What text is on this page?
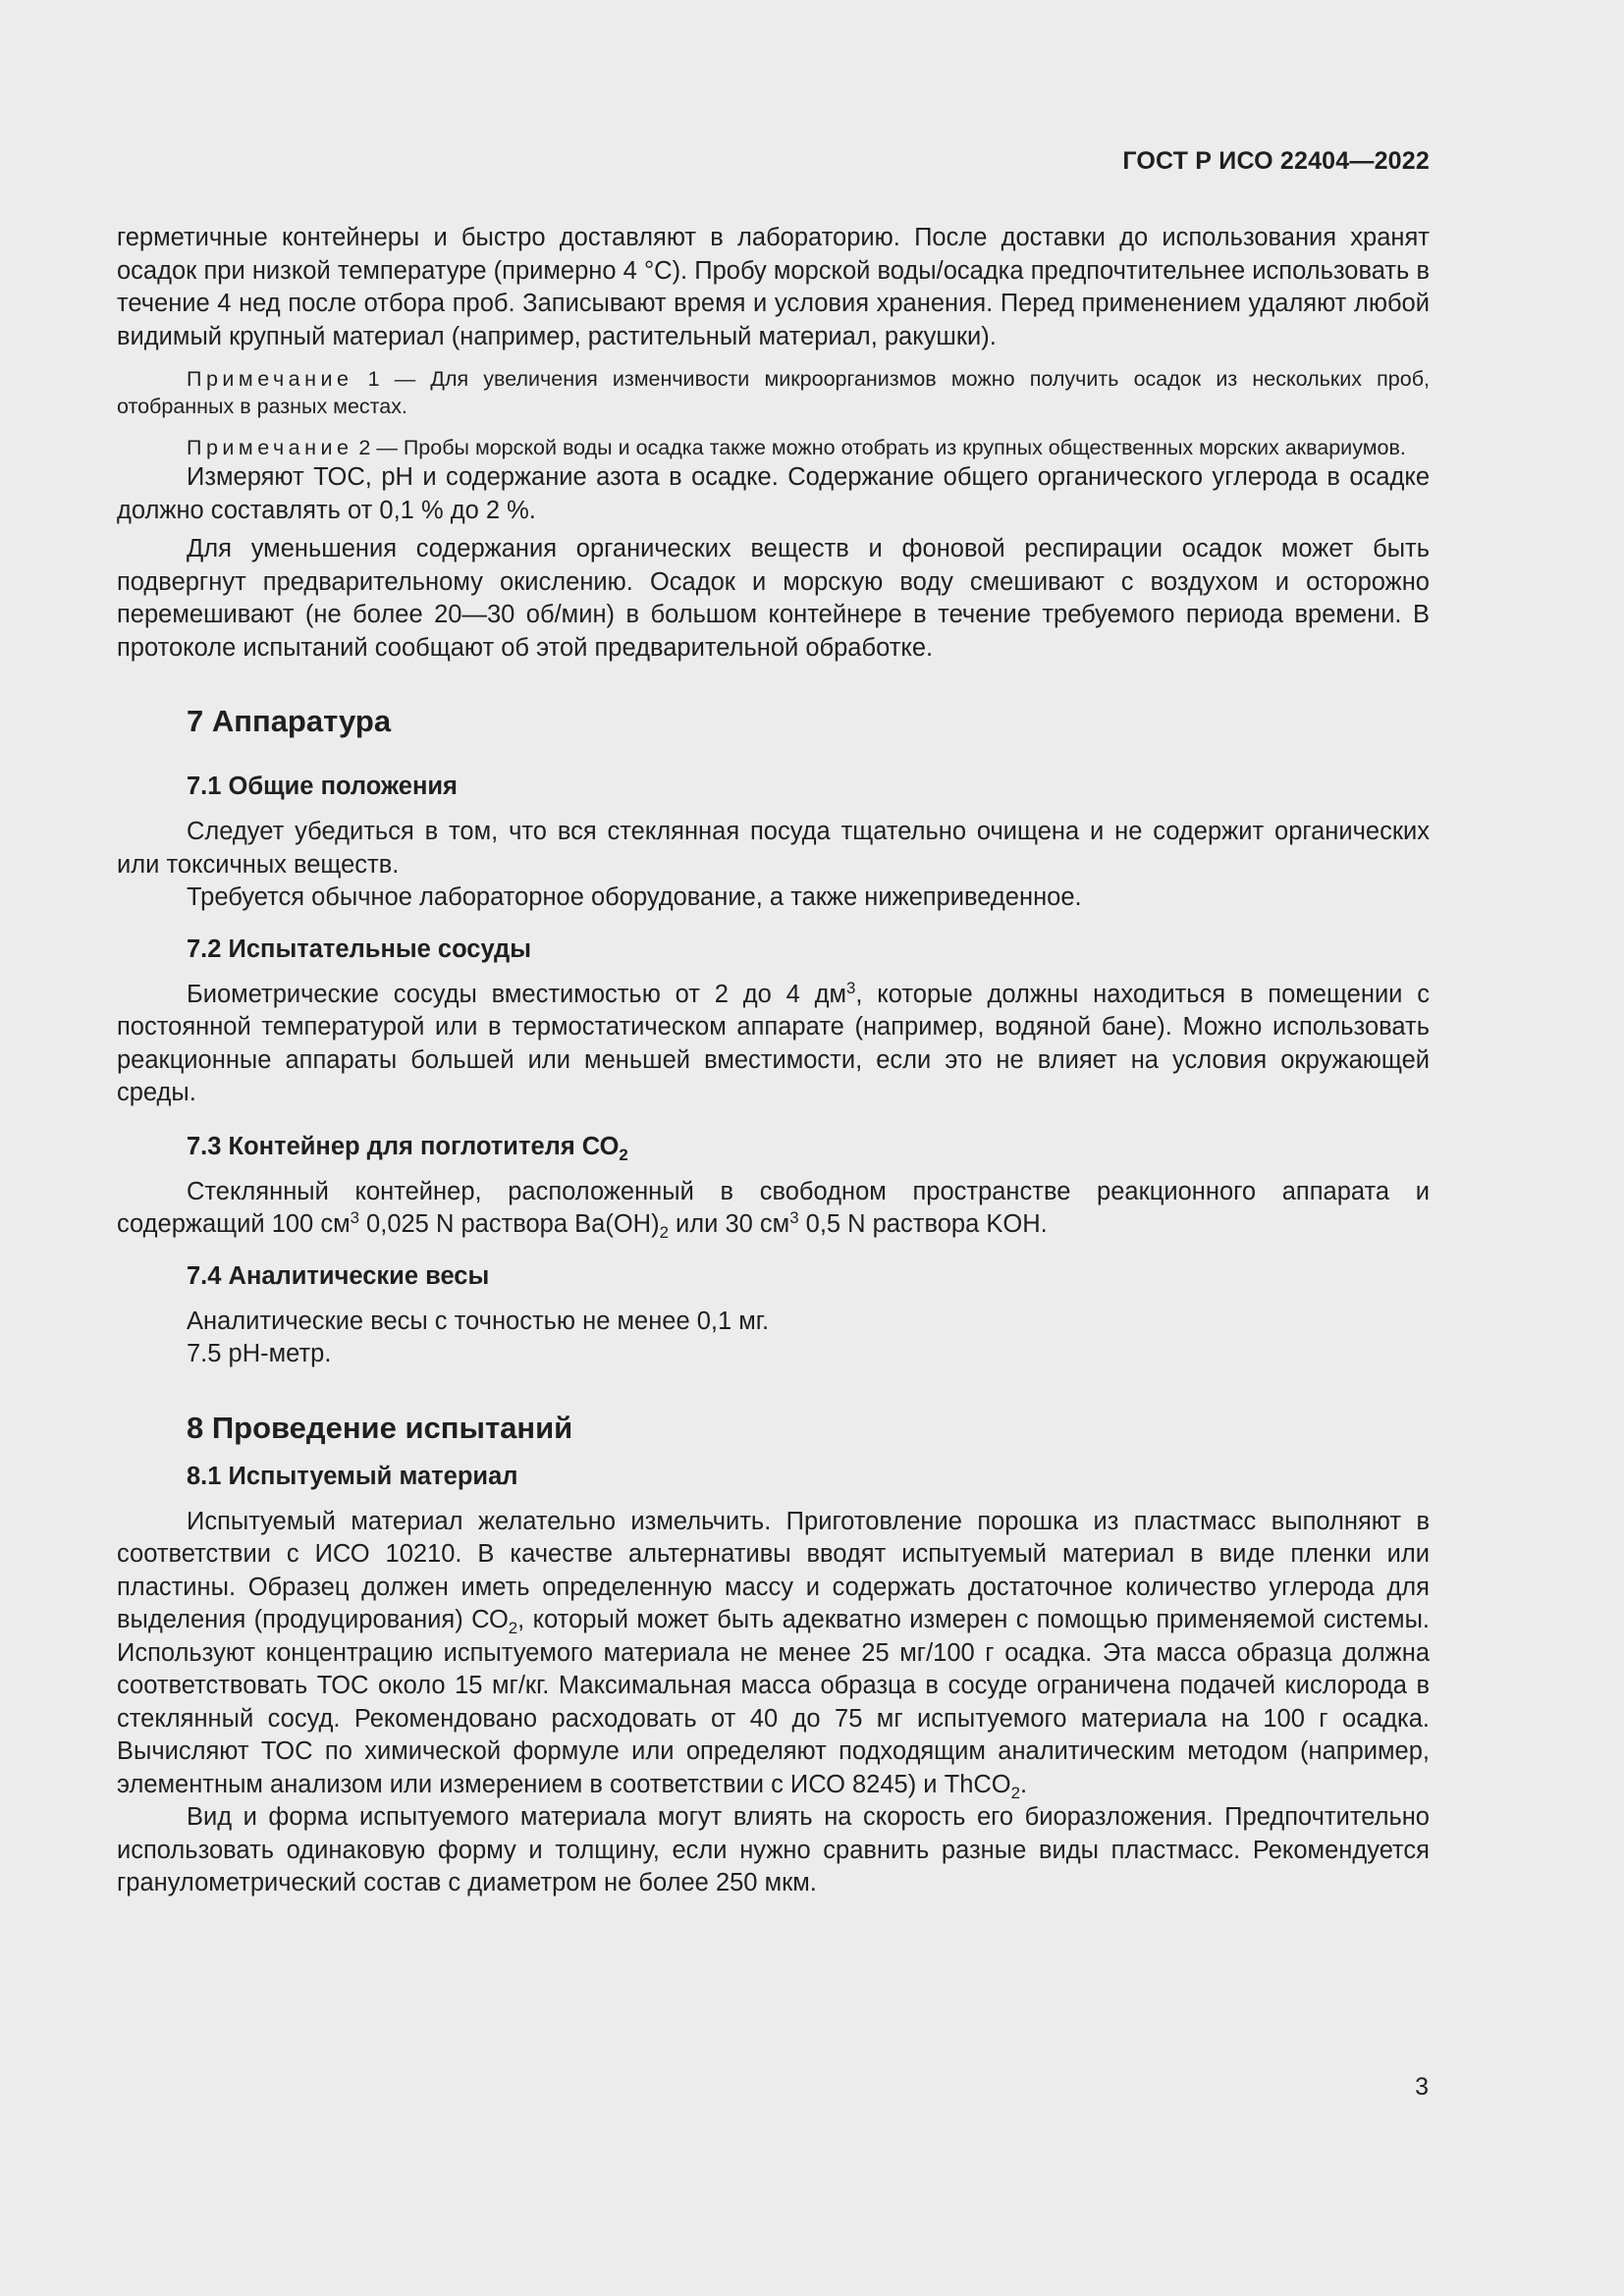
ГОСТ Р ИСО 22404—2022

герметичные контейнеры и быстро доставляют в лабораторию. После доставки до использования хранят осадок при низкой температуре (примерно 4 °С). Пробу морской воды/осадка предпочтительнее использовать в течение 4 нед после отбора проб. Записывают время и условия хранения. Перед применением удаляют любой видимый крупный материал (например, растительный материал, ракушки).

Примечание 1 — Для увеличения изменчивости микроорганизмов можно получить осадок из нескольких проб, отобранных в разных местах.

Примечание 2 — Пробы морской воды и осадка также можно отобрать из крупных общественных морских аквариумов.

Измеряют ТОС, рН и содержание азота в осадке. Содержание общего органического углерода в осадке должно составлять от 0,1 % до 2 %.

Для уменьшения содержания органических веществ и фоновой респирации осадок может быть подвергнут предварительному окислению. Осадок и морскую воду смешивают с воздухом и осторожно перемешивают (не более 20—30 об/мин) в большом контейнере в течение требуемого периода времени. В протоколе испытаний сообщают об этой предварительной обработке.

7 Аппаратура
7.1 Общие положения

Следует убедиться в том, что вся стеклянная посуда тщательно очищена и не содержит органических или токсичных веществ.

Требуется обычное лабораторное оборудование, а также нижеприведенное.

7.2 Испытательные сосуды

Биометрические сосуды вместимостью от 2 до 4 $дм^3$, которые должны находиться в помещении с постоянной температурой или в термостатическом аппарате (например, водяной бане). Можно использовать реакционные аппараты большей или меньшей вместимости, если это не влияет на условия окружающей среды.

7.3 Контейнер для поглотителя $СО_2$

Стеклянный контейнер, расположенный в свободном пространстве реакционного аппарата и содержащий 100 $см^3$ 0,025 N раствора $Ва(ОН)_2$ или 30 $см^3$ 0,5 N раствора KOH.

7.4 Аналитические весы

Аналитические весы с точностью не менее 0,1 мг.

7.5 рН-метр.

8 Проведение испытаний
8.1 Испытуемый материал

Испытуемый материал желательно измельчить. Приготовление порошка из пластмасс выполняют в соответствии с ИСО 10210. В качестве альтернативы вводят испытуемый материал в виде пленки или пластины. Образец должен иметь определенную массу и содержать достаточное количество углерода для выделения (продуцирования) $СО_2$, который может быть адекватно измерен с помощью применяемой системы. Используют концентрацию испытуемого материала не менее 25 мг/100 г осадка. Эта масса образца должна соответствовать ТОС около 15 мг/кг. Максимальная масса образца в сосуде ограничена подачей кислорода в стеклянный сосуд. Рекомендовано расходовать от 40 до 75 мг испытуемого материала на 100 г осадка. Вычисляют ТОС по химической формуле или определяют подходящим аналитическим методом (например, элементным анализом или измерением в соответствии с ИСО 8245) и ThCO$_2$.

Вид и форма испытуемого материала могут влиять на скорость его биоразложения. Предпочтительно использовать одинаковую форму и толщину, если нужно сравнить разные виды пластмасс. Рекомендуется гранулометрический состав с диаметром не более 250 мкм.

3
